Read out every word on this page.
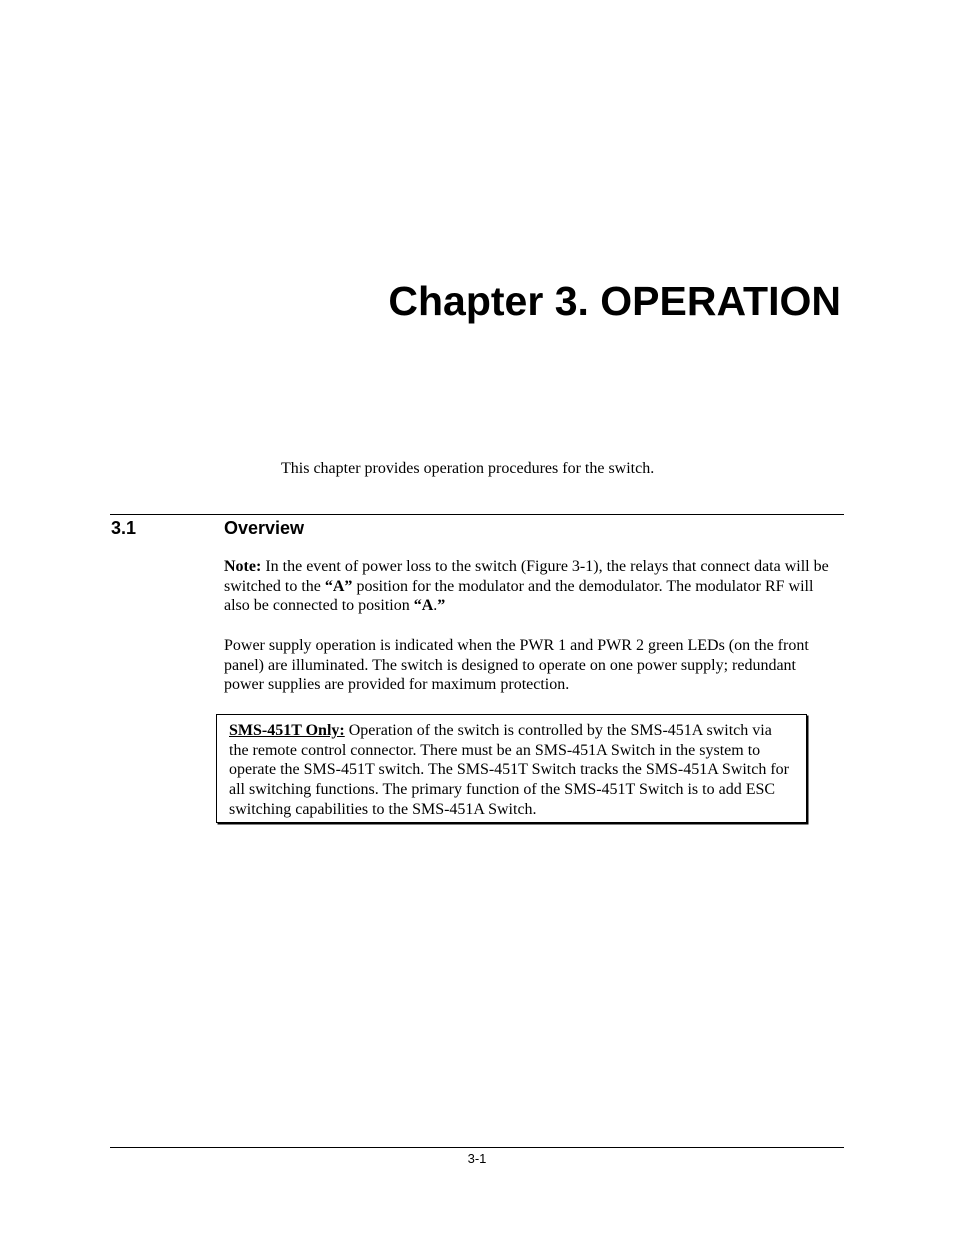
Chapter 3. OPERATION

This chapter provides operation procedures for the switch.

3.1	Overview

Note: In the event of power loss to the switch (Figure 3-1), the relays that connect data will be switched to the “A” position for the modulator and the demodulator. The modulator RF will also be connected to position “A.”

Power supply operation is indicated when the PWR 1 and PWR 2 green LEDs (on the front panel) are illuminated. The switch is designed to operate on one power supply; redundant power supplies are provided for maximum protection.

SMS-451T Only: Operation of the switch is controlled by the SMS-451A switch via the remote control connector. There must be an SMS-451A Switch in the system to operate the SMS-451T switch. The SMS-451T Switch tracks the SMS-451A Switch for all switching functions. The primary function of the SMS-451T Switch is to add ESC switching capabilities to the SMS-451A Switch.

3-1
